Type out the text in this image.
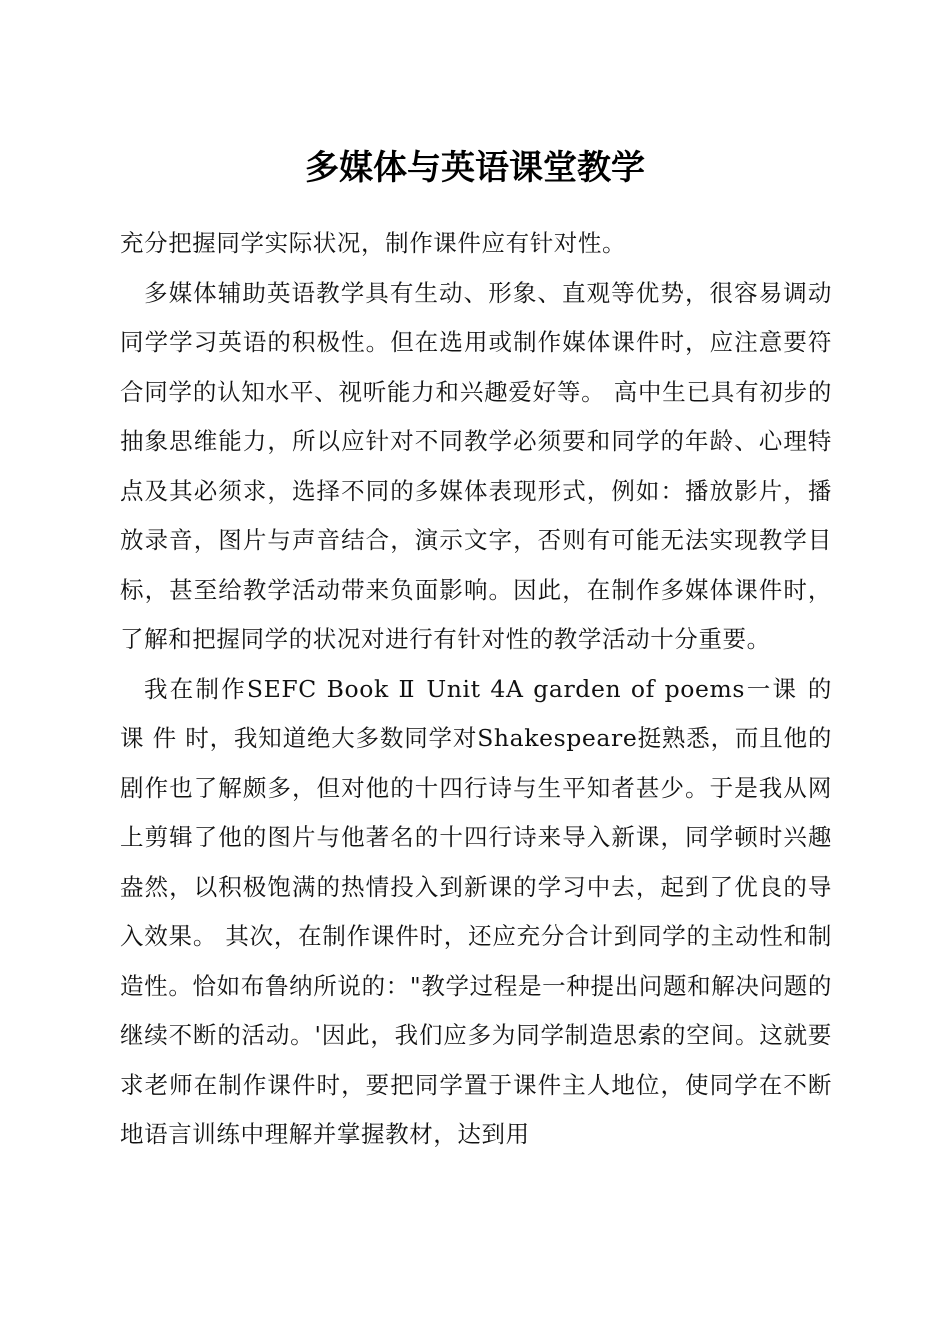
多媒体与英语课堂教学

充分把握同学实际状况，制作课件应有针对性。

多媒体辅助英语教学具有生动、形象、直观等优势，很容易调动同学学习英语的积极性。但在选用或制作媒体课件时，应注意要符合同学的认知水平、视听能力和兴趣爱好等。 高中生已具有初步的抽象思维能力，所以应针对不同教学必须要和同学的年龄、心理特点及其必须求，选择不同的多媒体表现形式，例如：播放影片，播放录音，图片与声音结合，演示文字，否则有可能无法实现教学目标，甚至给教学活动带来负面影响。因此，在制作多媒体课件时，了解和把握同学的状况对进行有针对性的教学活动十分重要。

我在制作SEFC Book Ⅱ Unit 4A garden of poems一课 的 课 件 时，我知道绝大多数同学对Shakespeare挺熟悉，而且他的剧作也了解颇多，但对他的十四行诗与生平知者甚少。于是我从网上剪辑了他的图片与他著名的十四行诗来导入新课，同学顿时兴趣盎然，以积极饱满的热情投入到新课的学习中去，起到了优良的导入效果。 其次，在制作课件时，还应充分合计到同学的主动性和制造性。恰如布鲁纳所说的："教学过程是一种提出问题和解决问题的继续不断的活动。'因此，我们应多为同学制造思索的空间。这就要求老师在制作课件时，要把同学置于课件主人地位，使同学在不断地语言训练中理解并掌握教材，达到用
